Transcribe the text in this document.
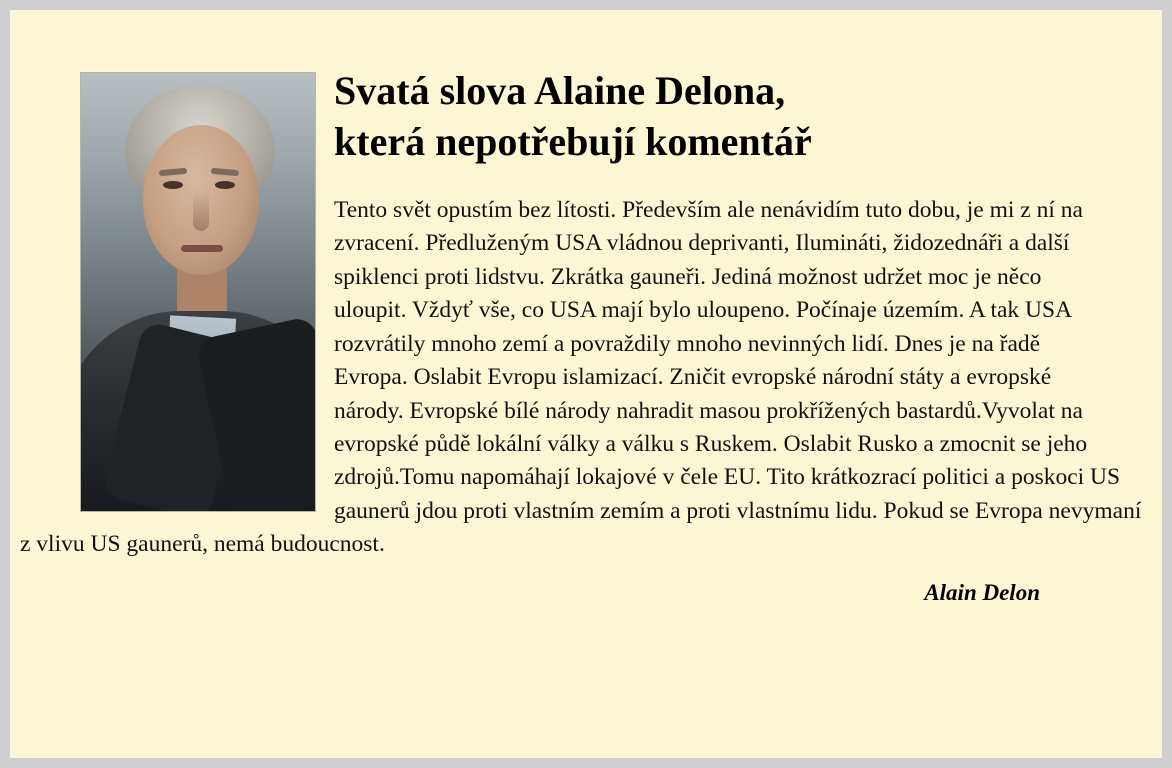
Svatá slova Alaine Delona,
která nepotřebují komentář

Tento svět opustím bez lítosti. Především ale nenávidím tuto dobu, je mi z ní na zvracení. Předluženým USA vládnou deprivanti, Ilumináti, židozednáři a další spiklenci proti lidstvu. Zkrátka gauneři. Jediná možnost udržet moc je něco uloupit. Vždyť vše, co USA mají bylo uloupeno. Počínaje územím. A tak USA rozvrátily mnoho zemí a povraždily mnoho nevinných lidí. Dnes je na řadě Evropa. Oslabit Evropu islamizací. Zničit evropské národní státy a evropské

národy. Evropské bílé národy nahradit masou prokřížených bastardů.Vyvolat na evropské půdě lokální války a válku s Ruskem. Oslabit Rusko a zmocnit se jeho zdrojů.Tomu napomáhají lokajové v čele EU. Tito krátkozrací politici a poskoci US gaunerů jdou proti vlastním zemím a proti vlastnímu lidu. Pokud se Evropa nevymaní z vlivu US gaunerů, nemá budoucnost.

Alain Delon
